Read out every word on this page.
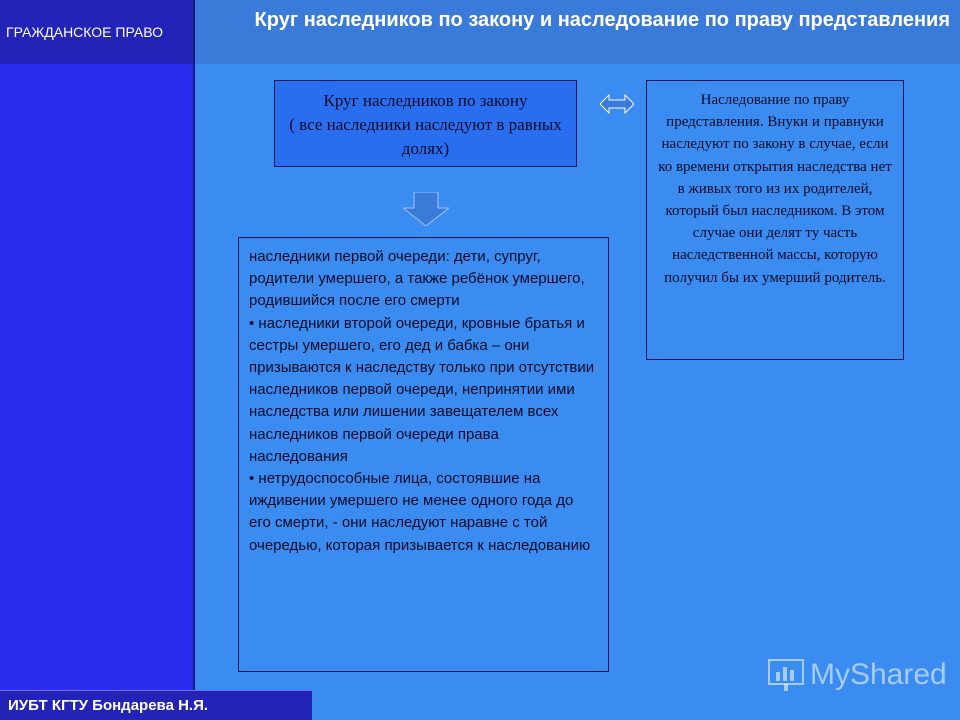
Круг наследников по закону и наследование по праву представления
ГРАЖДАНСКОЕ ПРАВО
Круг наследников по закону
( все наследники наследуют в равных долях)

наследники первой очереди: дети, супруг, родители умершего, а также ребёнок умершего, родившийся после его смерти

• наследники второй очереди, кровные братья и сестры умершего, его дед и бабка – они призываются к наследству только при отсутствии наследников первой очереди, непринятии ими наследства или лишении завещателем всех наследников первой очереди права наследования

• нетрудоспособные лица, состоявшие на иждивении умершего не менее одного года до его смерти, - они наследуют наравне с той очередью, которая призывается к наследованию

Наследование по праву представления. Внуки и правнуки наследуют по закону в случае, если ко времени открытия наследства нет в живых того из их родителей, который был наследником. В этом случае они делят ту часть наследственной массы, которую получил бы их умерший родитель.
ИУБТ КГТУ Бондарева Н.Я.
MyShared
